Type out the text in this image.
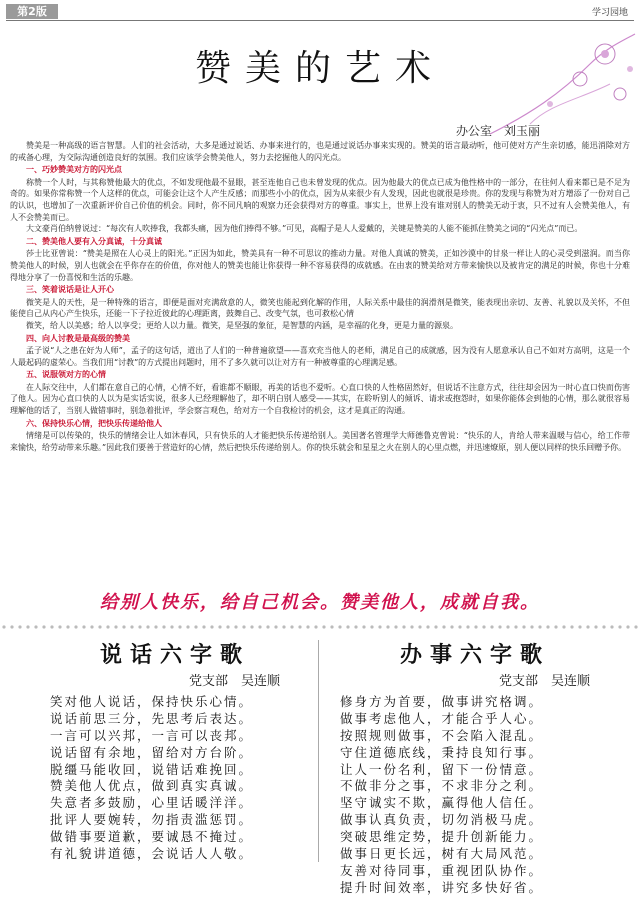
第2版	学习园地
赞美的艺术
办公室　刘玉丽

赞美是一种高级的语言智慧。人们的社会活动，大多是通过说话、办事来进行的，也是通过说话办事来实现的。赞美的语言最动听，他可使对方产生亲切感，能迅消除对方的戒备心理，为交际沟通创造良好的氛围。我们应该学会赞美他人，努力去挖掘他人的闪光点。

一、巧妙赞美对方的闪光点

称赞一个人时，与其称赞他最大的优点，不如发现他最不显眼，甚至连他自己也未曾发现的优点。因为他最大的优点已成为他性格中的一部分，在往何人看来都已是不足为奇的。如果你常称赞一个人这样的优点，可能会让这个人产生反感；而那些小小的优点，因为从来很少有人发现，因此也就很是珍贵。你的发现与称赞为对方增添了一份对自己的认识，也增加了一次重新评价自己价值的机会。同时，你不同凡响的观察力还会获得对方的尊重。事实上，世界上没有谁对别人的赞美无动于衷，只不过有人会赞美他人，有人不会赞美而已。

大文豪肖伯纳曾说过：“每次有人吹捧我，我都头痛，因为他们捧得不够。”可见，高帽子是人人爱戴的，关键是赞美的人能不能抓住赞美之词的“闪光点”而已。

二、赞美他人要有入分真诚，十分真诚

莎士比亚曾说：“赞美是照在人心灵上的阳光。”正因为如此，赞美具有一种不可思议的推动力量。对他人真诚的赞美，正如沙漠中的甘泉一样让人的心灵受到滋润。而当你赞美他人的时候，别人也就会在乎你存在的价值，你对他人的赞美也能让你获得一种不容易获得的成就感。在由衷的赞美给对方带来愉快以及被肯定的满足的时候，你也十分难得地分享了一份喜悦和生活的乐趣。

三、笑着说话是让人开心

微笑是人的天性，是一种特殊的语言，即便是面对充满敌意的人，微笑也能起到化解的作用，人际关系中最佳的润滑剂是微笑，能表现出亲切、友善、礼貌以及关怀，不但能使自己从内心产生快乐，还能一下子拉近彼此的心理距离，鼓舞自己、改变气氛，也可救松心情

微笑，给人以美感；给人以享受；更给人以力量。微笑，是坚强的象征，是智慧的内涵，是幸福的化身，更是力量的源泉。

四、向人讨教是最高级的赞美

孟子说“人之患在好为人师”，孟子的这句话，道出了人们的一种普遍欲望——喜欢充当他人的老师，满足自己的成就感，因为没有人愿意承认自己不如对方高明，这是一个人最起码的虚荣心。当我们用“讨教”的方式提出问题时，用不了多久就可以让对方有一种被尊重的心理满足感。

五、说服领对方的心情

在人际交往中，人们都在意自己的心情，心情不好，看谁都不顺眼，再美的话也不爱听。心直口快的人性格固然好，但说话不注意方式，往往却会因为一时心直口快而伤害了他人。因为心直口快的人以为是实话实说，很多人已经理解他了，却不明白别人感受——其实，在聆听别人的倾诉、请求或抱怨时，如果你能体会到他的心情，那么就很容易理解他的话了，当别人做错事时，别急着批评，学会察言观色，给对方一个自我检讨的机会，这才是真正的沟通。

六、保持快乐心情，把快乐传递给他人

情绪是可以传染的，快乐的情绪会让人如沐春风，只有快乐的人才能把快乐传递给别人。美国著名管理学大师德鲁克曾说：“快乐的人，肯给人带来温暖与信心，给工作带来愉快，给劳动带来乐趣。”因此我们要善于营造好的心情，然后把快乐传递给别人。你的快乐就会和星星之火在别人的心里点燃，并迅速燎原，别人便以同样的快乐回赠予你。

给别人快乐，给自己机会。赞美他人，成就自我。
说话六字歌
党支部　吴连顺
笑对他人说话，保持快乐心情。
说话前思三分，先思考后表达。
一言可以兴邦，一言可以丧邦。
说话留有余地，留给对方台阶。
脱缰马能收回，说错话难挽回。
赞美他人优点，做到真实真诚。
失意者多鼓励，心里话暖洋洋。
批评人要婉转，勿指责滥惩罚。
做错事要道歉，要诚恳不掩过。
有礼貌讲道德，会说话人人敬。
办事六字歌
党支部　吴连顺
修身方为首要，做事讲究格调。
做事考虑他人，才能合乎人心。
按照规则做事，不会陷入混乱。
守住道德底线，秉持良知行事。
让人一份名利，留下一份情意。
不做非分之事，不求非分之利。
坚守诚实不欺，赢得他人信任。
做事认真负责，切勿消极马虎。
突破思维定势，提升创新能力。
做事日更长远，树有大局风范。
友善对待同事，重视团队协作。
提升时间效率，讲究多快好省。
